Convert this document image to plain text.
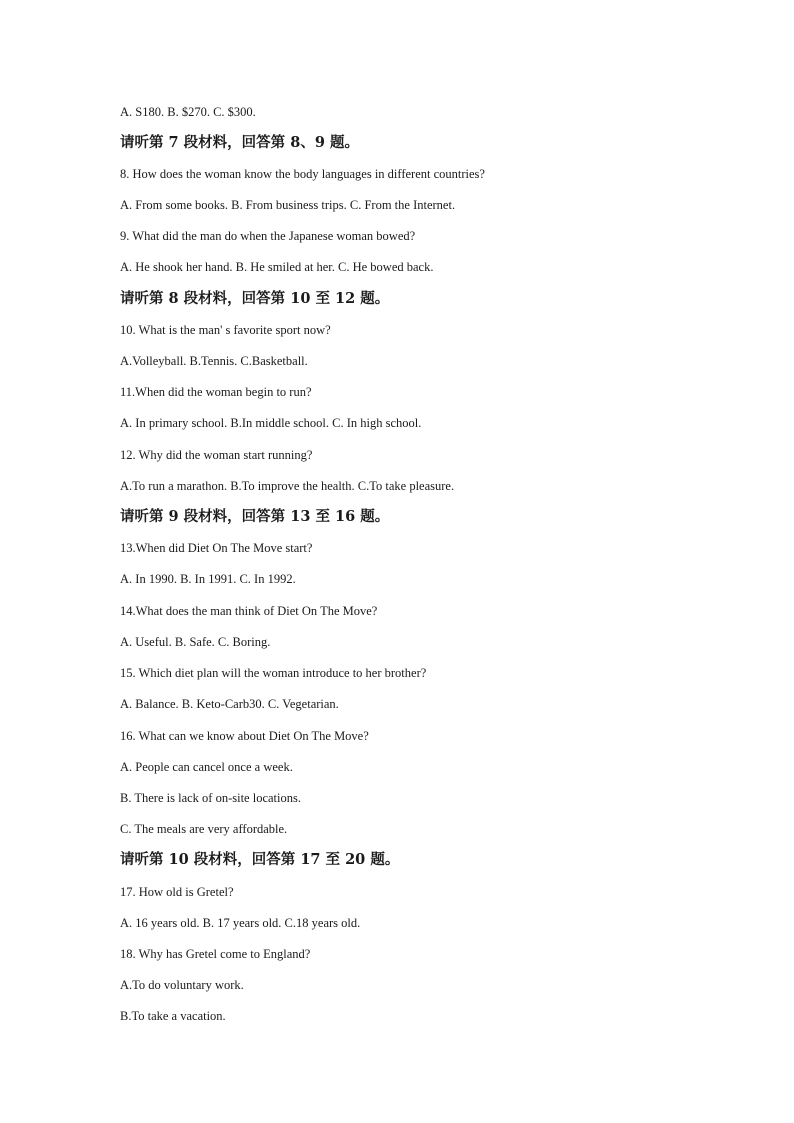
A. S180. B. $270. C. $300.
请听第 7 段材料，回答第 8、9 题。
8. How does the woman know the body languages in different countries?
A. From some books. B. From business trips. C. From the Internet.
9. What did the man do when the Japanese woman bowed?
A. He shook her hand. B. He smiled at her. C. He bowed back.
请听第 8 段材料，回答第 10 至 12 题。
10. What is the man' s favorite sport now?
A.Volleyball. B.Tennis. C.Basketball.
11.When did the woman begin to run?
A. In primary school. B.In middle school. C. In high school.
12. Why did the woman start running?
A.To run a marathon. B.To improve the health. C.To take pleasure.
请听第 9 段材料，回答第 13 至 16 题。
13.When did Diet On The Move start?
A. In 1990. B. In 1991. C. In 1992.
14.What does the man think of Diet On The Move?
A. Useful. B. Safe. C. Boring.
15. Which diet plan will the woman introduce to her brother?
A. Balance. B. Keto-Carb30. C. Vegetarian.
16. What can we know about Diet On The Move?
A. People can cancel once a week.
B. There is lack of on-site locations.
C. The meals are very affordable.
请听第 10 段材料，回答第 17 至 20 题。
17. How old is Gretel?
A. 16 years old. B. 17 years old. C.18 years old.
18. Why has Gretel come to England?
A.To do voluntary work.
B.To take a vacation.
